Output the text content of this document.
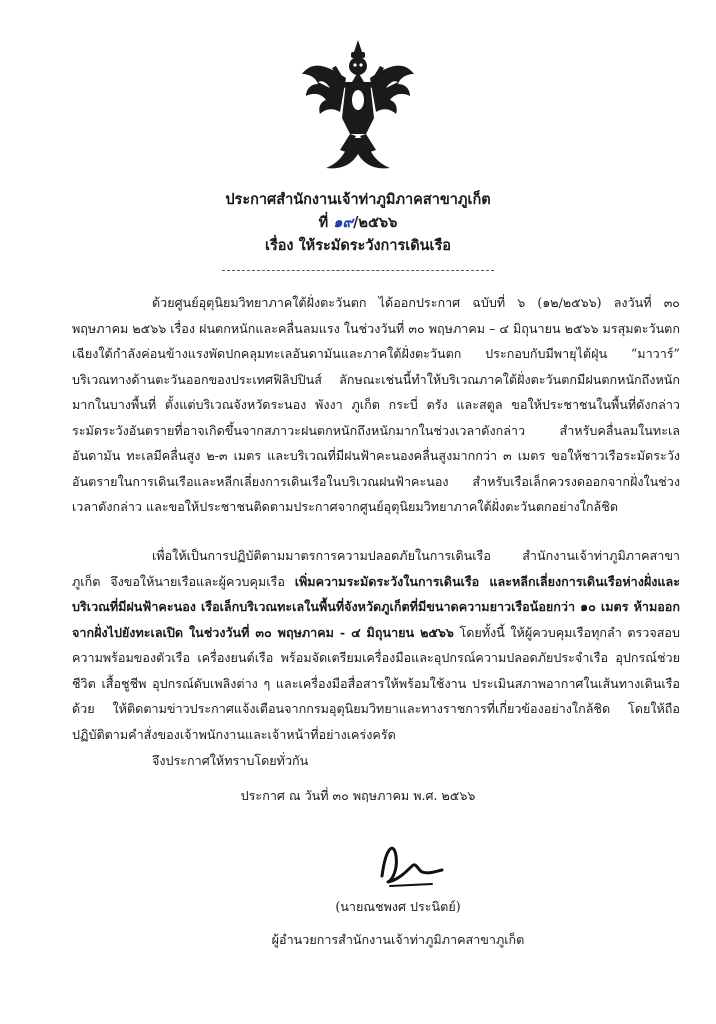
ประกาศสำนักงานเจ้าท่าภูมิภาคสาขาภูเก็ต
ที่ ๑๙/๒๕๖๖
เรื่อง ให้ระมัดระวังการเดินเรือ
ด้วยศูนย์อุตุนิยมวิทยาภาคใต้ฝั่งตะวันตก ได้ออกประกาศ ฉบับที่ ๖ (๑๒/๒๕๖๖) ลงวันที่ ๓๐ พฤษภาคม ๒๕๖๖ เรื่อง ฝนตกหนักและคลื่นลมแรง ในช่วงวันที่ ๓๐ พฤษภาคม – ๔ มิถุนายน ๒๕๖๖ มรสุมตะวันตกเฉียงใต้กำลังค่อนข้างแรงพัดปกคลุมทะเลอันดามันและภาคใต้ฝั่งตะวันตก ประกอบกับมีพายุไต้ฝุ่น “มาวาร์” บริเวณทางด้านตะวันออกของประเทศฟิลิปปินส์ ลักษณะเช่นนี้ทำให้บริเวณภาคใต้ฝั่งตะวันตกมีฝนตกหนักถึงหนักมากในบางพื้นที่ ตั้งแต่บริเวณจังหวัดระนอง พังงา ภูเก็ต กระบี่ ตรัง และสตูล ขอให้ประชาชนในพื้นที่ดังกล่าวระมัดระวังอันตรายที่อาจเกิดขึ้นจากสภาวะฝนตกหนักถึงหนักมากในช่วงเวลาดังกล่าว สำหรับคลื่นลมในทะเลอันดามัน ทะเลมีคลื่นสูง ๒-๓ เมตร และบริเวณที่มีฝนฟ้าคะนองคลื่นสูงมากกว่า ๓ เมตร ขอให้ชาวเรือระมัดระวังอันตรายในการเดินเรือและหลีกเลี่ยงการเดินเรือในบริเวณฝนฟ้าคะนอง สำหรับเรือเล็กควรงดออกจากฝั่งในช่วงเวลาดังกล่าว และขอให้ประชาชนติดตามประกาศจากศูนย์อุตุนิยมวิทยาภาคใต้ฝั่งตะวันตกอย่างใกล้ชิด
เพื่อให้เป็นการปฏิบัติตามมาตรการความปลอดภัยในการเดินเรือ สำนักงานเจ้าท่าภูมิภาคสาขาภูเก็ต จึงขอให้นายเรือและผู้ควบคุมเรือ เพิ่มความระมัดระวังในการเดินเรือ และหลีกเลี่ยงการเดินเรือห่างฝั่งและบริเวณที่มีฝนฟ้าคะนอง เรือเล็กบริเวณทะเลในพื้นที่จังหวัดภูเก็ตที่มีขนาดความยาวเรือน้อยกว่า ๑๐ เมตร ห้ามออกจากฝั่งไปยังทะเลเปิด ในช่วงวันที่ ๓๐ พฤษภาคม - ๔ มิถุนายน ๒๕๖๖ โดยทั้งนี้ ให้ผู้ควบคุมเรือทุกลำ ตรวจสอบความพร้อมของตัวเรือ เครื่องยนต์เรือ พร้อมจัดเตรียมเครื่องมือและอุปกรณ์ความปลอดภัยประจำเรือ อุปกรณ์ช่วยชีวิต เสื้อชูชีพ อุปกรณ์ดับเพลิงต่าง ๆ และเครื่องมือสื่อสารให้พร้อมใช้งาน ประเมินสภาพอากาศในเส้นทางเดินเรือด้วย ให้ติดตามข่าวประกาศแจ้งเตือนจากกรมอุตุนิยมวิทยาและทางราชการที่เกี่ยวข้องอย่างใกล้ชิด โดยให้ถือปฏิบัติตามคำสั่งของเจ้าพนักงานและเจ้าหน้าที่อย่างเคร่งครัด
จึงประกาศให้ทราบโดยทั่วกัน
ประกาศ ณ วันที่ ๓๐ พฤษภาคม พ.ศ. ๒๕๖๖
(นายณชพงศ ประนิตย์)
ผู้อำนวยการสำนักงานเจ้าท่าภูมิภาคสาขาภูเก็ต
